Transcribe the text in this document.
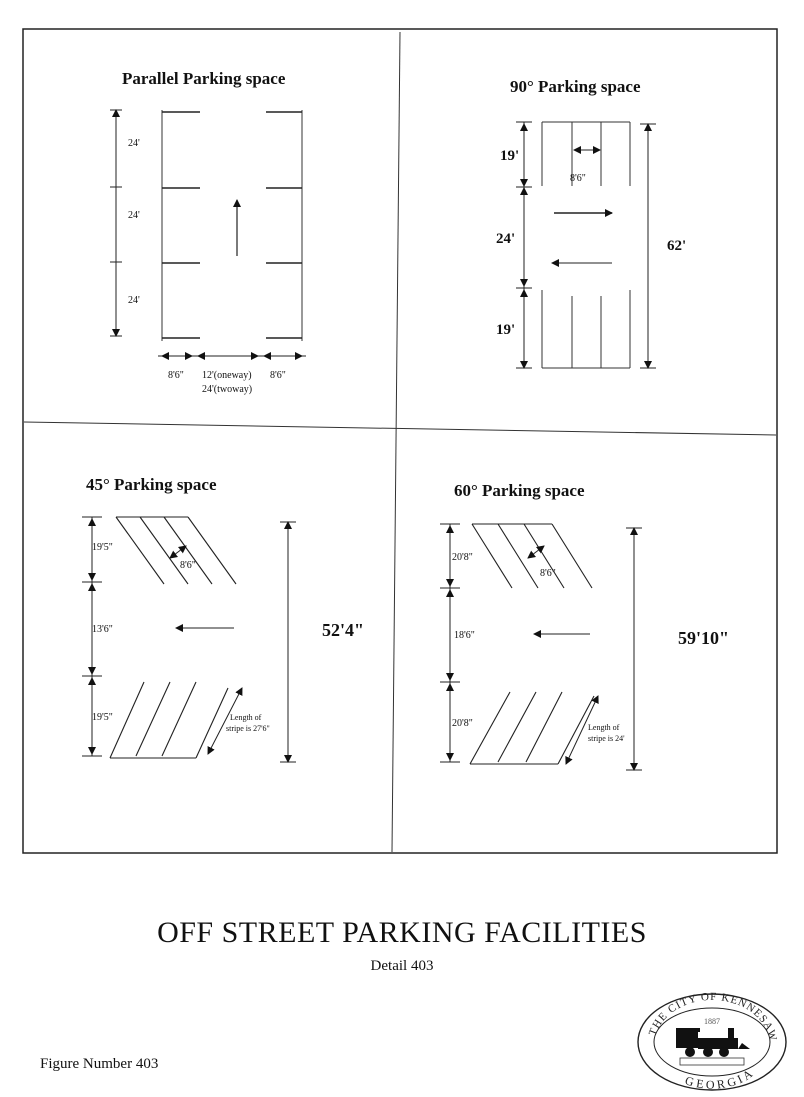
Parallel Parking space
24'
24'
24'
8'6" 12'(oneway)
24'(twoway)
8'6"
90° Parking space
19'
8'6"
24'
19'
62'
45° Parking space
19'5"
8'6"
13'6"
19'5"	Length of
stripe is 27'6"
52'4"
60° Parking space
20'8"
8'6"
18'6"
20'8"	Length of
stripe is 24'
59'10"
OFF STREET PARKING FACILITIES
Detail 403
Figure Number 403
THE CITY OF KENNESAW
GEORGIA
1887
